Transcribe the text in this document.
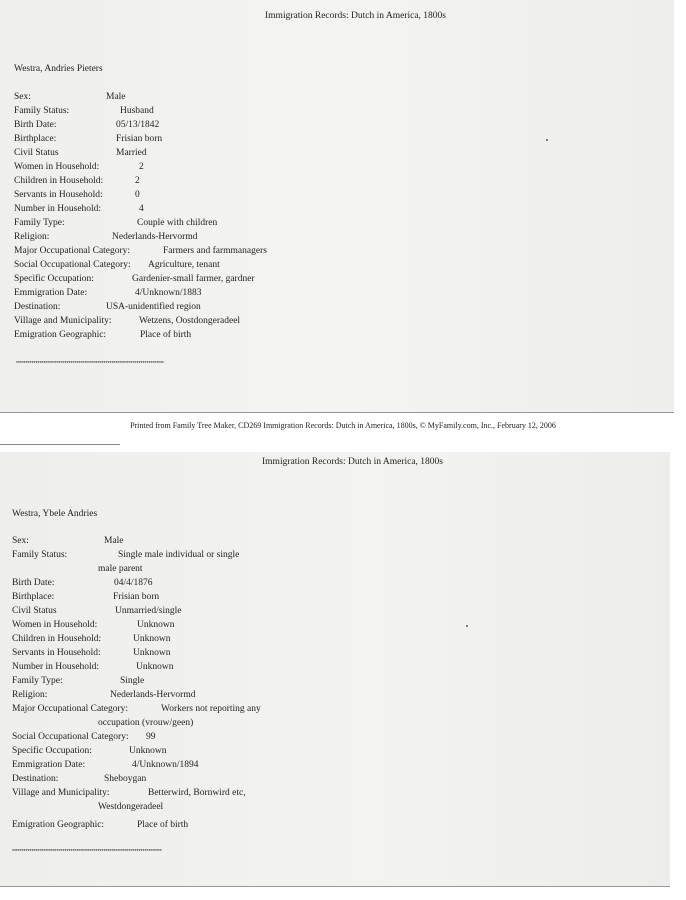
Immigration Records: Dutch in America, 1800s
Westra, Andries Pieters
Sex:	Male
Family Status:	Husband
Birth Date:	05/13/1842
Birthplace:	Frisian born
Civil Status	Married
Women in Household:	2
Children in Household:	2
Servants in Household:	0
Number in Household:	4
Family Type:	Couple with children
Religion:	Nederlands-Hervormd
Major Occupational Category:	Farmers and farmmanagers
Social Occupational Category: Agriculture, tenant
Specific Occupation:	Gardenier-small farmer, gardner
Emmigration Date:	4/Unknown/1883
Destination:	USA-unidentified region
Village and Municipality:	Wetzens, Oostdongeradeel
Emigration Geographic:	Place of birth
****************************************************************************
Printed from Family Tree Maker, CD269 Immigration Records: Dutch in America, 1800s, © MyFamily.com, Inc., February 12, 2006
Immigration Records: Dutch in America, 1800s
Westra, Ybele Andries
Sex:	Male
Family Status:	Single male individual or single
male parent
Birth Date:	04/4/1876
Birthplace:	Frisian born
Civil Status	Unmarried/single
Women in Household:	Unknown
Children in Household:	Unknown
Servants in Household:	Unknown
Number in Household:	Unknown
Family Type:	Single
Religion:	Nederlands-Hervormd
Major Occupational Category:	Workers not reporting any
occupation (vrouw/geen)
Social Occupational Category: 99
Specific Occupation:	Unknown
Emmigration Date:	4/Unknown/1894
Destination:	Sheboygan
Village and Municipality:	Betterwird, Bornwird etc,
Westdongeradeel
Emigration Geographic:	Place of birth
*****************************************************************************
